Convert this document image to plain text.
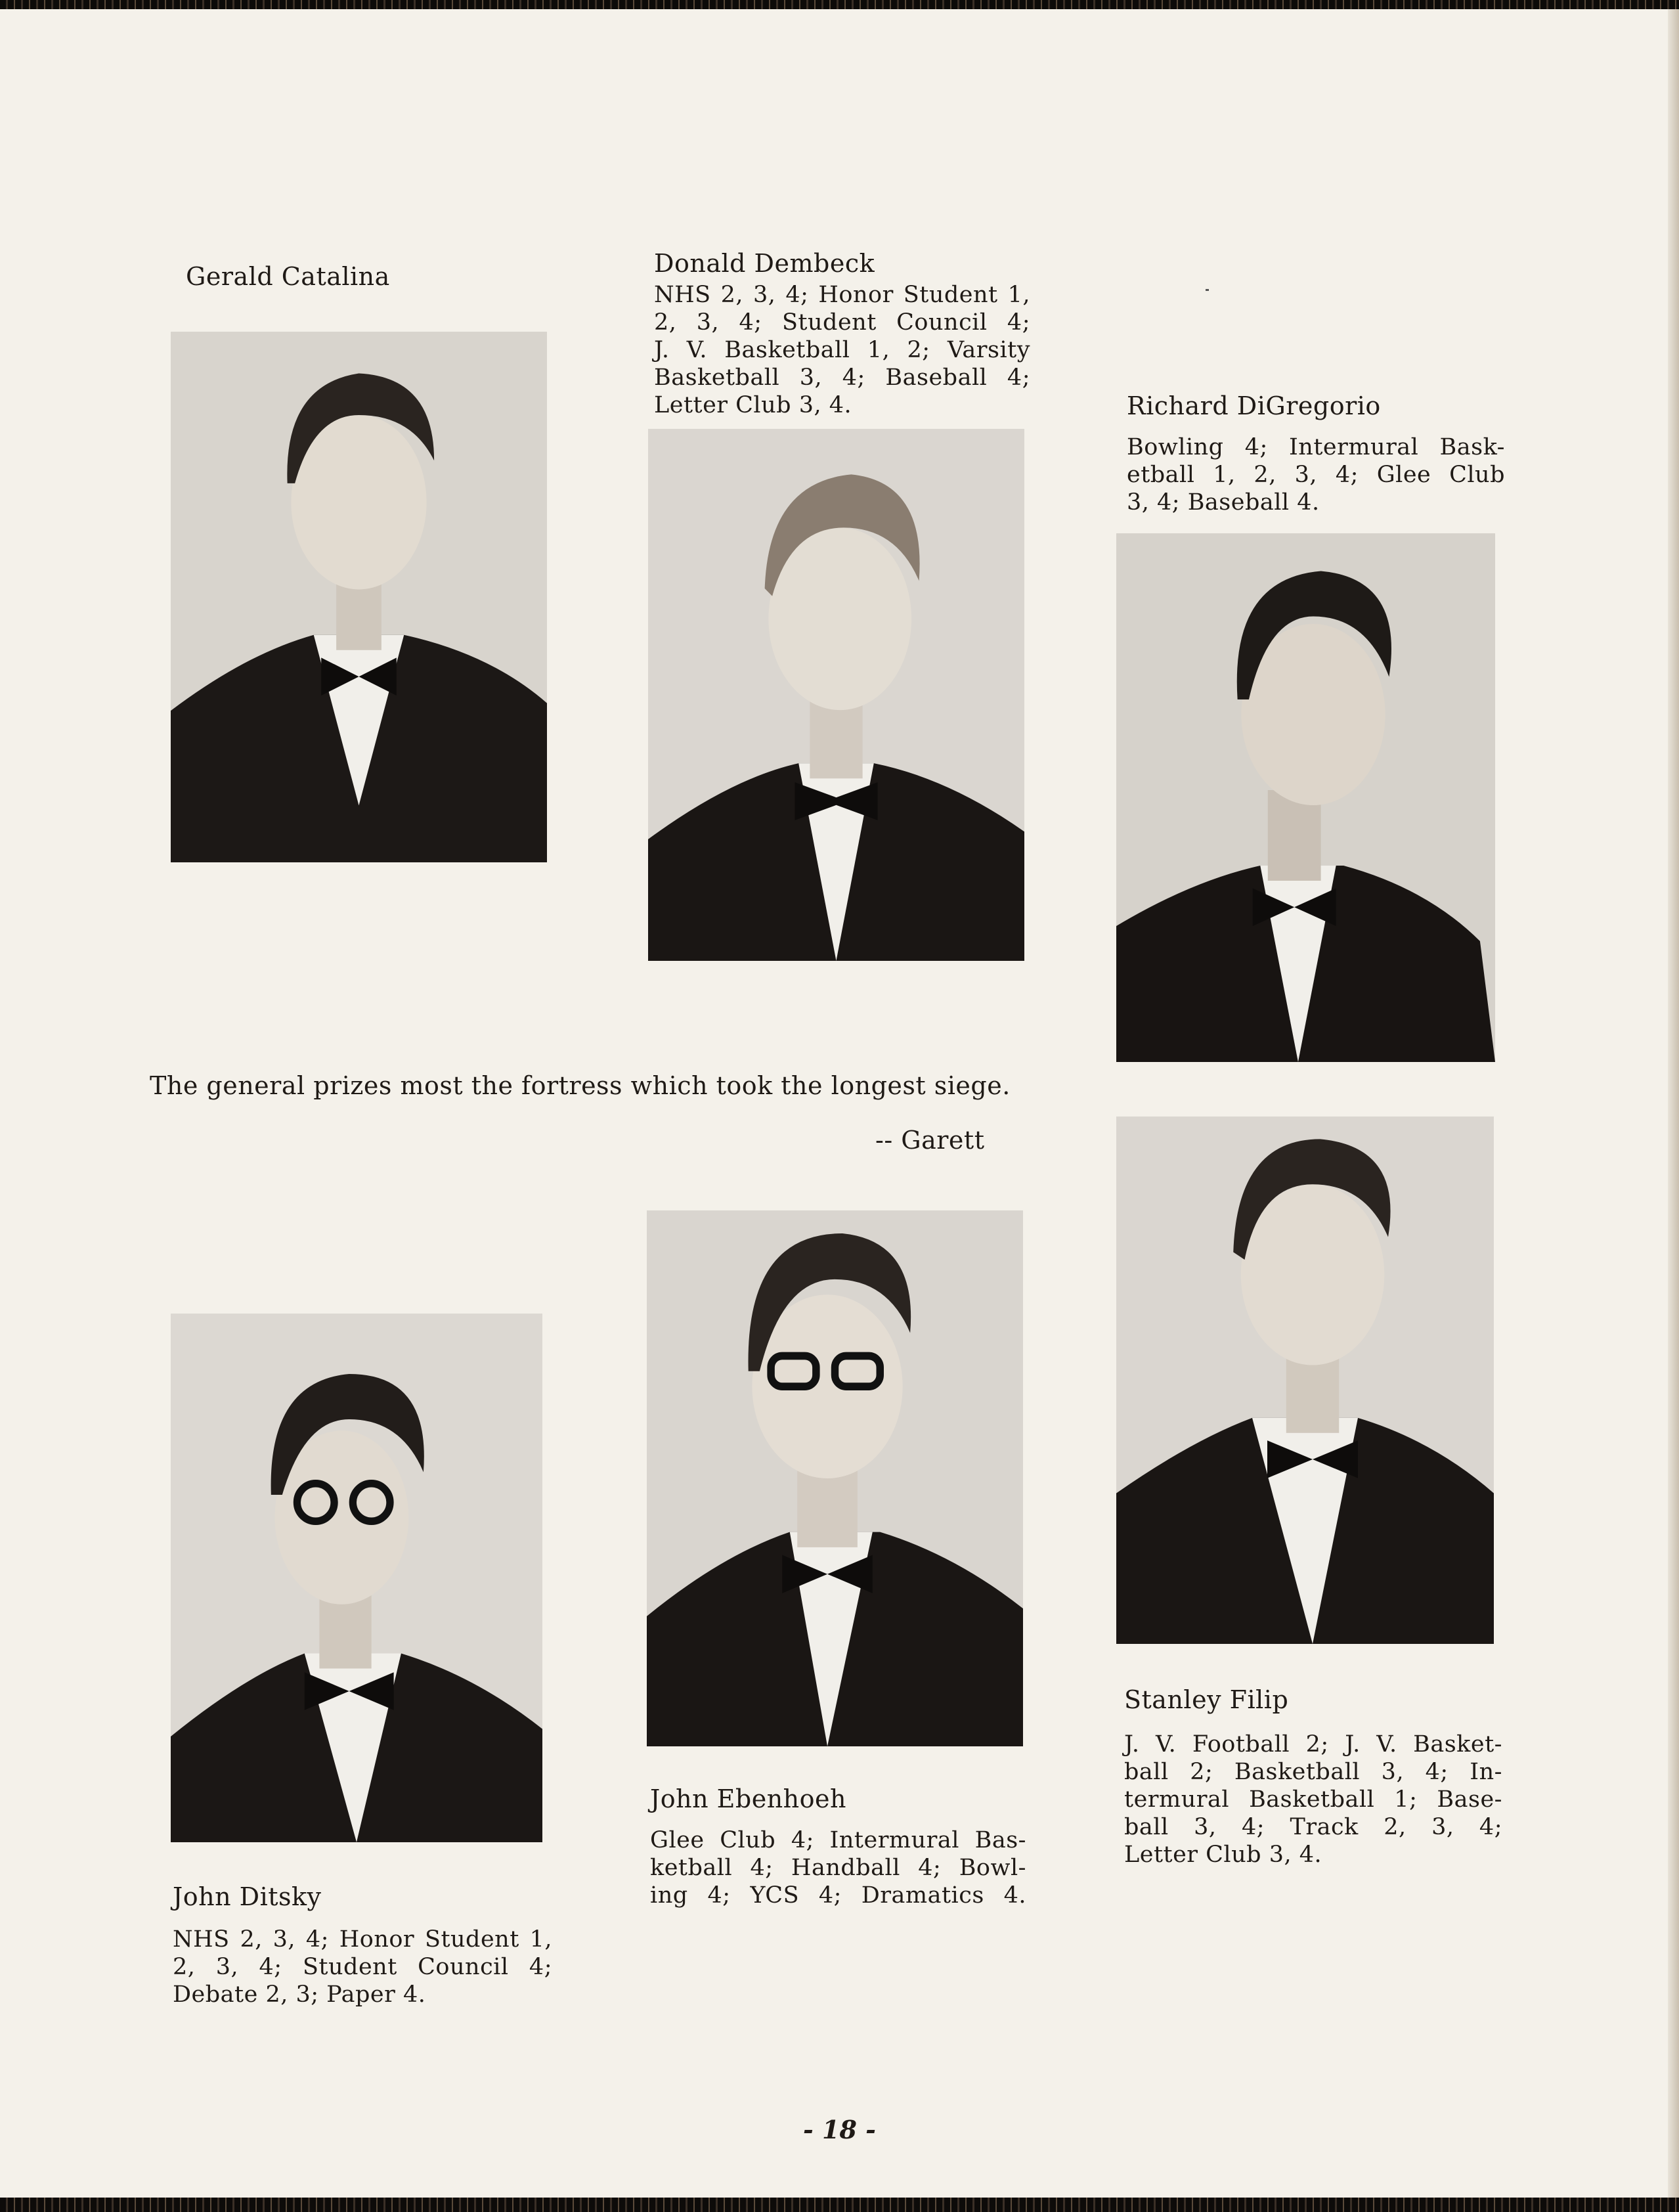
Gerald Catalina	Donald Dembeck
NHS 2, 3, 4; Honor Student 1,
2, 3, 4; Student Council 4;
J. V. Basketball 1, 2; Varsity
Basketball 3, 4; Baseball 4;
Letter Club 3, 4.	Richard DiGregorio
Bowling 4; Intermural Bask-
etball 1, 2, 3, 4; Glee Club
3, 4; Baseball 4.
The general prizes most the fortress which took the longest siege.
-- Garett
John Ditsky
NHS 2, 3, 4; Honor Student 1,
2, 3, 4; Student Council 4;
Debate 2, 3; Paper 4.
John Ebenhoeh
Glee Club 4; Intermural Bas-
ketball 4; Handball 4; Bowl-
ing 4; YCS 4; Dramatics 4.
Stanley Filip
J. V. Football 2; J. V. Basket-
ball 2; Basketball 3, 4; In-
termural Basketball 1; Base-
ball 3, 4; Track 2, 3, 4;
Letter Club 3, 4.
- 18 -
